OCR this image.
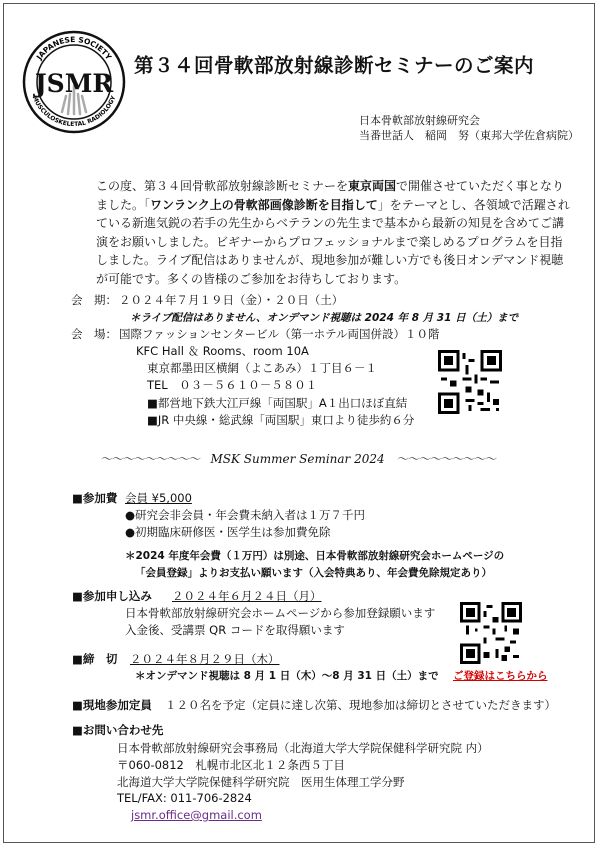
JAPANESE SOCIETY
MUSCULOSKELETAL RADIOLOGY
JSMR
第３４回骨軟部放射線診断セミナーのご案内
日本骨軟部放射線研究会
当番世話人　稲岡　努（東邦大学佐倉病院）

この度、第３４回骨軟部放射線診断セミナーを東京両国で開催させていただく事となりました。「ワンランク上の骨軟部画像診断を目指して」をテーマとし、各領域で活躍されている新進気鋭の若手の先生からベテランの先生まで基本から最新の知見を含めてご講演をお願いしました。ビギナーからプロフェッショナルまで楽しめるプログラムを目指しました。ライブ配信はありませんが、現地参加が難しい方でも後日オンデマンド視聴が可能です。多くの皆様のご参加をお待ちしております。

会　期： ２０２４年７月１９日（金）・２０日（土）
＊ライブ配信はありません、オンデマンド視聴は 2024 年 8 月 31 日（土）まで
会　場： 国際ファッションセンタービル（第一ホテル両国併設）１０階
KFC Hall ＆ Rooms、room 10A
東京都墨田区横網（よこあみ）１丁目６－１
TEL　０３－５６１０－５８０１
■都営地下鉄大江戸線「両国駅」A１出口ほぼ直結
■JR 中央線・総武線「両国駅」東口より徒歩約６分
～～～～～～～～～ MSK Summer Seminar 2024 ～～～～～～～～～
■参加費 会員 ¥5,000
●研究会非会員・年会費未納入者は１万７千円
●初期臨床研修医・医学生は参加費免除
＊2024 年度年会費（１万円）は別途、日本骨軟部放射線研究会ホームページの
「会員登録」よりお支払い願います（入会特典あり、年会費免除規定あり）
■参加申し込み ２０２４年６月２４日（月）
日本骨軟部放射線研究会ホームページから参加登録願います
入金後、受講票 QR コードを取得願います
ご登録はこちらから
■締　切 ２０２４年８月２９日（木）
＊オンデマンド視聴は 8 月 1 日（木）～8 月 31 日（土）まで
■現地参加定員 １２０名を予定（定員に達し次第、現地参加は締切とさせていただきます）
■お問い合わせ先
日本骨軟部放射線研究会事務局（北海道大学大学院保健科学研究院 内）
〒060-0812　札幌市北区北１２条西５丁目
北海道大学大学院保健科学研究院　医用生体理工学分野
TEL/FAX: 011-706-2824
jsmr.office@gmail.com
